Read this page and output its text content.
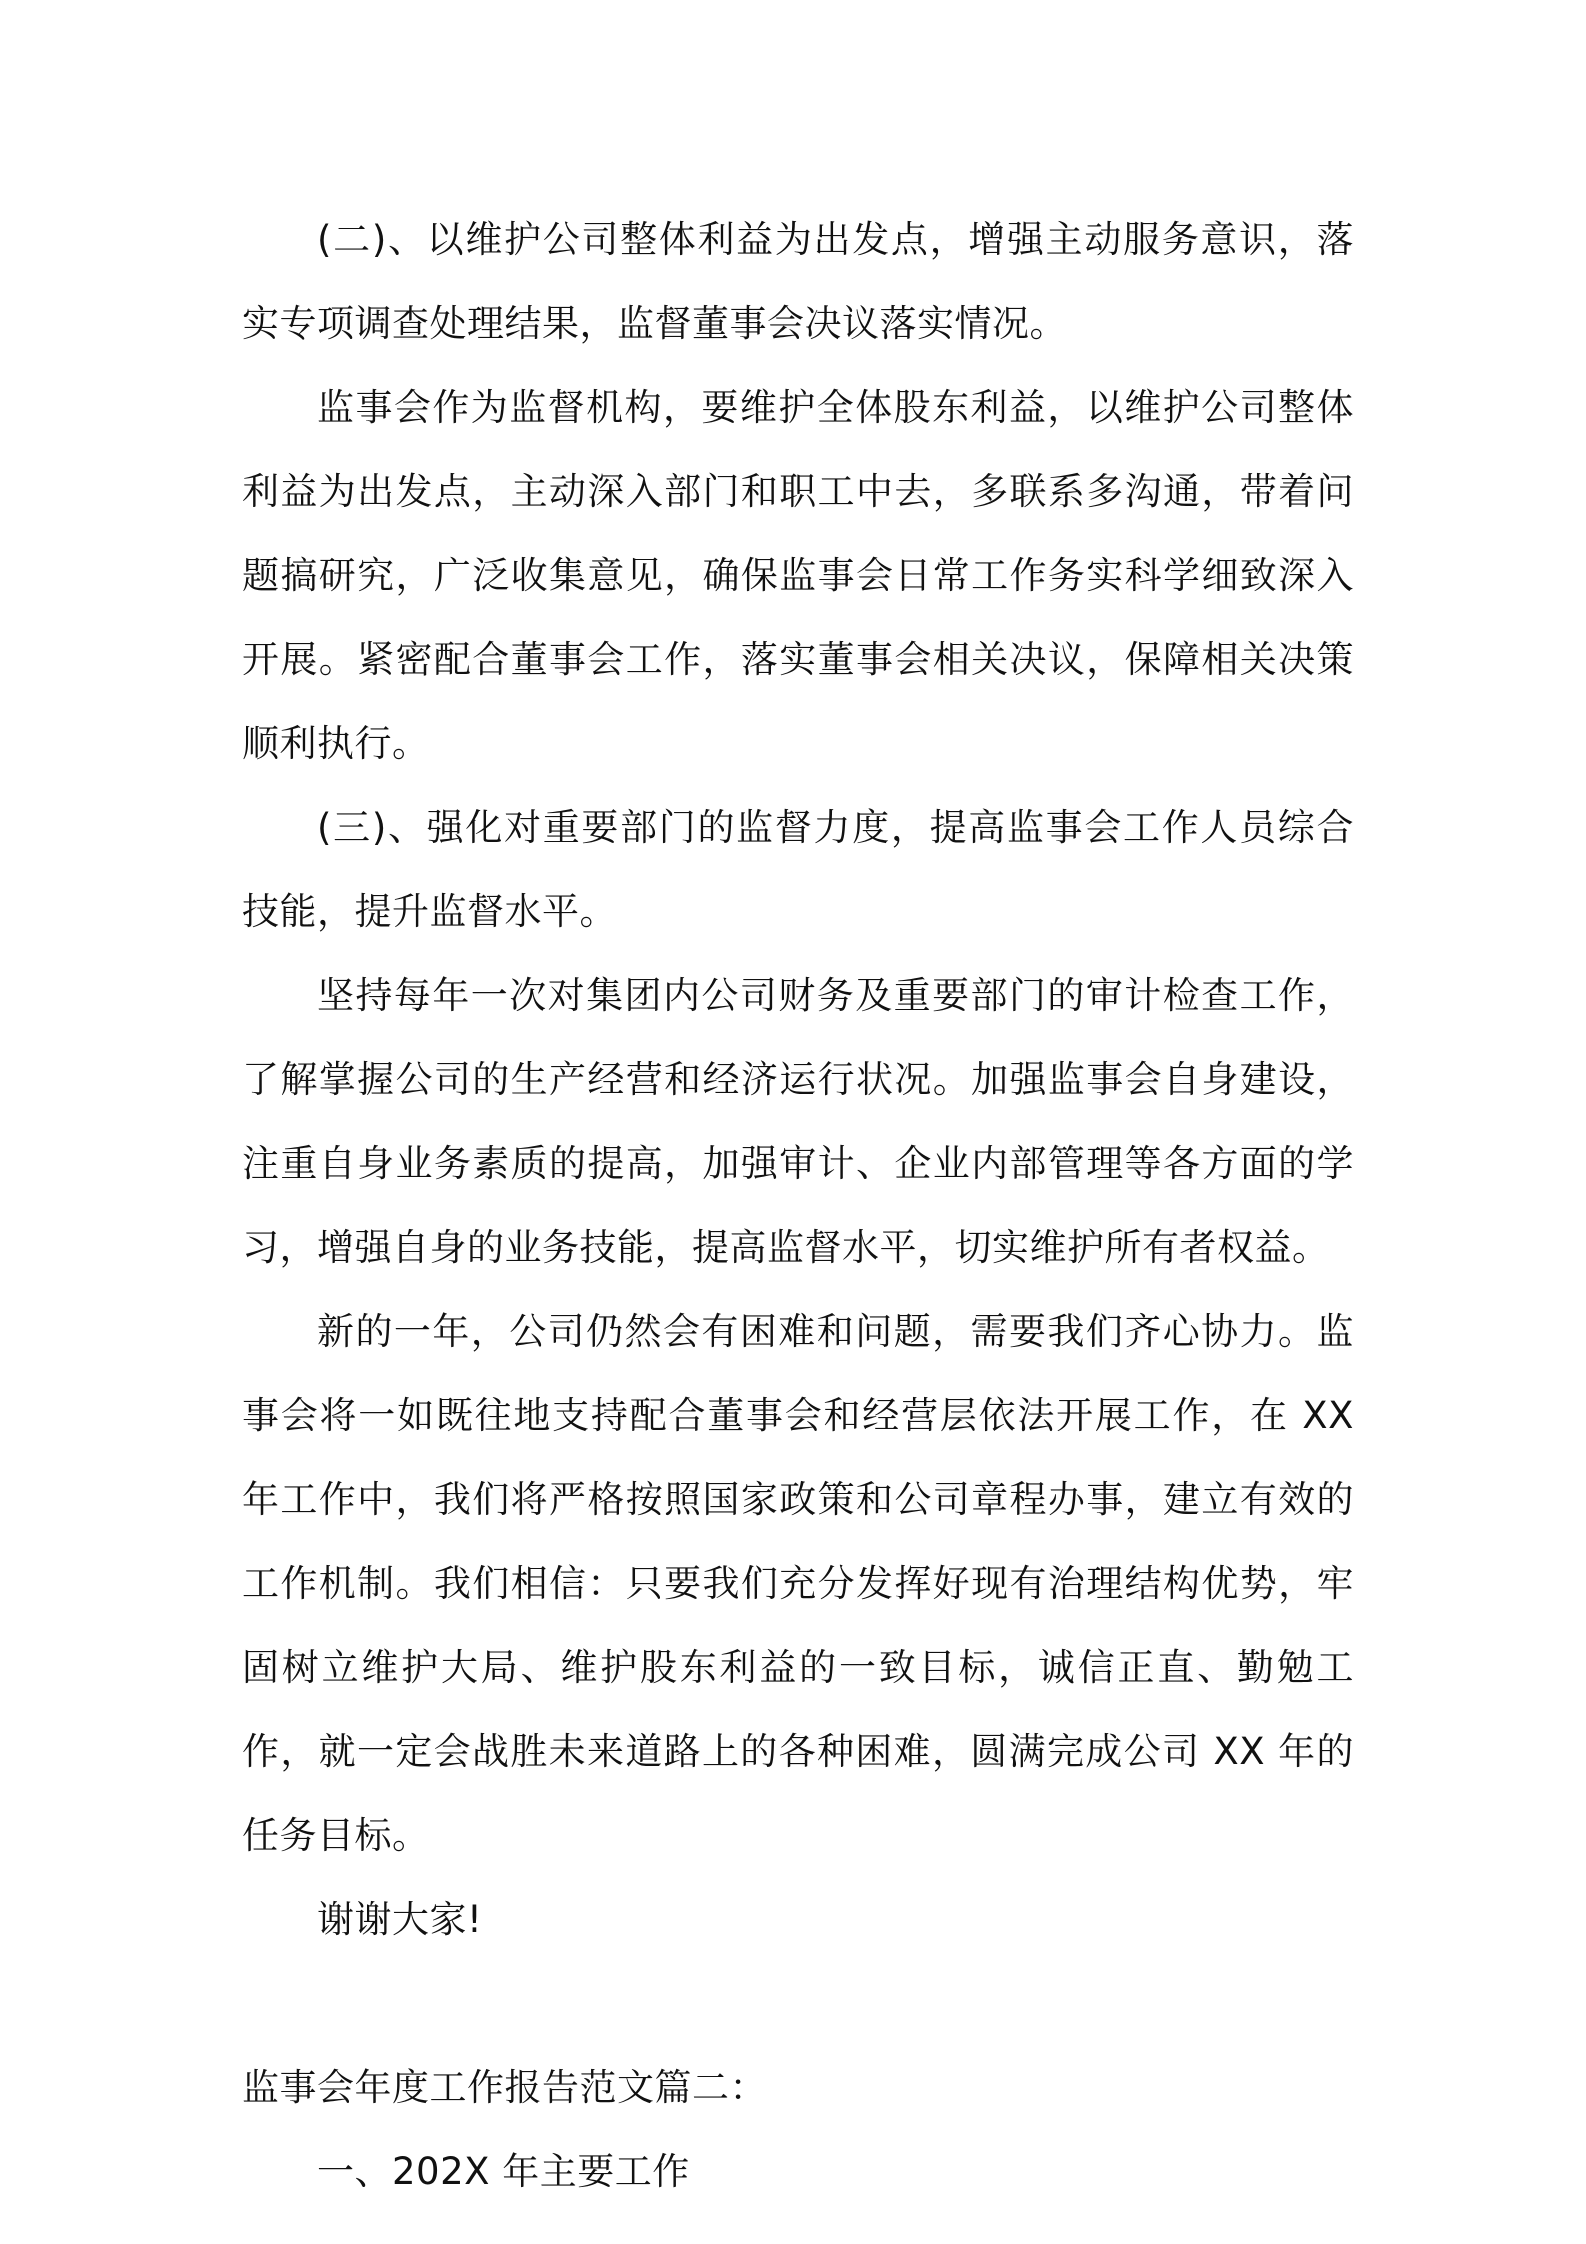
(二)、以维护公司整体利益为出发点，增强主动服务意识，落实专项调查处理结果，监督董事会决议落实情况。

监事会作为监督机构，要维护全体股东利益，以维护公司整体利益为出发点，主动深入部门和职工中去，多联系多沟通，带着问题搞研究，广泛收集意见，确保监事会日常工作务实科学细致深入开展。紧密配合董事会工作，落实董事会相关决议，保障相关决策顺利执行。

(三)、强化对重要部门的监督力度，提高监事会工作人员综合技能，提升监督水平。

坚持每年一次对集团内公司财务及重要部门的审计检查工作，了解掌握公司的生产经营和经济运行状况。加强监事会自身建设，注重自身业务素质的提高，加强审计、企业内部管理等各方面的学习，增强自身的业务技能，提高监督水平，切实维护所有者权益。

新的一年，公司仍然会有困难和问题，需要我们齐心协力。监事会将一如既往地支持配合董事会和经营层依法开展工作，在 XX 年工作中，我们将严格按照国家政策和公司章程办事，建立有效的工作机制。我们相信：只要我们充分发挥好现有治理结构优势，牢固树立维护大局、维护股东利益的一致目标，诚信正直、勤勉工作，就一定会战胜未来道路上的各种困难，圆满完成公司 XX 年的任务目标。

谢谢大家!

监事会年度工作报告范文篇二：

一、202X 年主要工作
